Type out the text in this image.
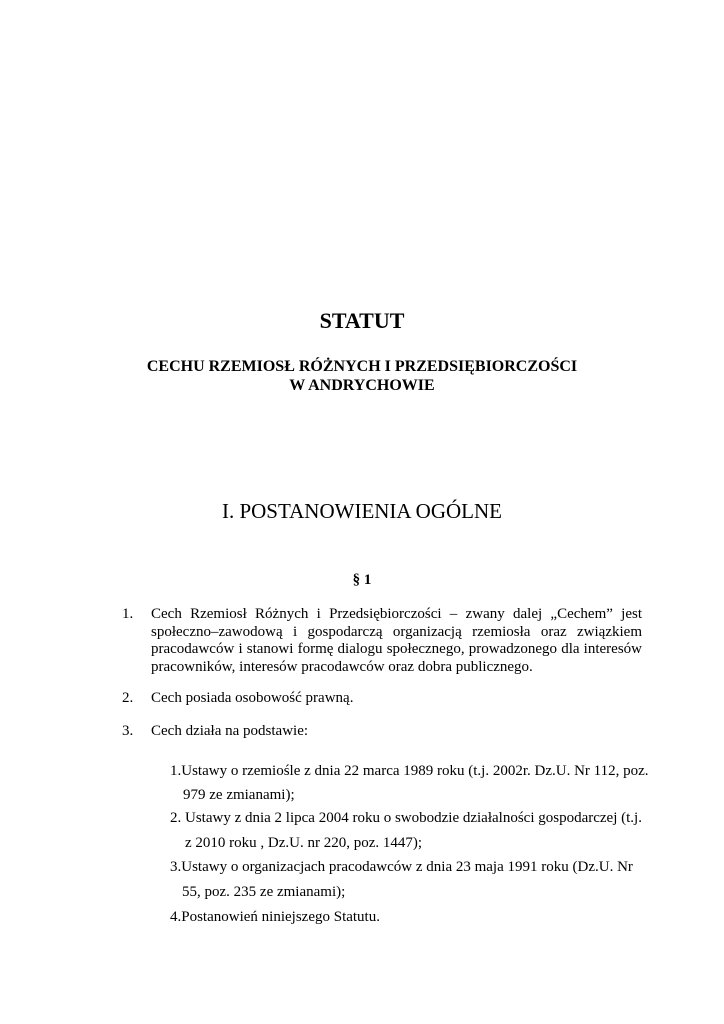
STATUT
CECHU RZEMIOSŁ RÓŻNYCH I PRZEDSIĘBIORCZOŚCI
W ANDRYCHOWIE
I. POSTANOWIENIA OGÓLNE
§ 1
1.	Cech Rzemiosł Różnych i Przedsiębiorczości – zwany dalej „Cechem” jest społeczno–zawodową i gospodarczą organizacją rzemiosła oraz związkiem pracodawców i stanowi formę dialogu społecznego, prowadzonego dla interesów pracowników, interesów pracodawców oraz dobra publicznego.
2.	Cech posiada osobowość prawną.
3.	Cech działa na podstawie:
1.Ustawy o rzemiośle z dnia 22 marca 1989 roku (t.j. 2002r. Dz.U. Nr 112, poz.
979 ze zmianami);
2. Ustawy z dnia 2 lipca 2004 roku o swobodzie działalności gospodarczej (t.j.
z 2010 roku , Dz.U. nr 220, poz. 1447);
3.Ustawy o organizacjach pracodawców z dnia 23 maja 1991 roku (Dz.U. Nr
55, poz. 235 ze zmianami);
4.Postanowień niniejszego Statutu.
